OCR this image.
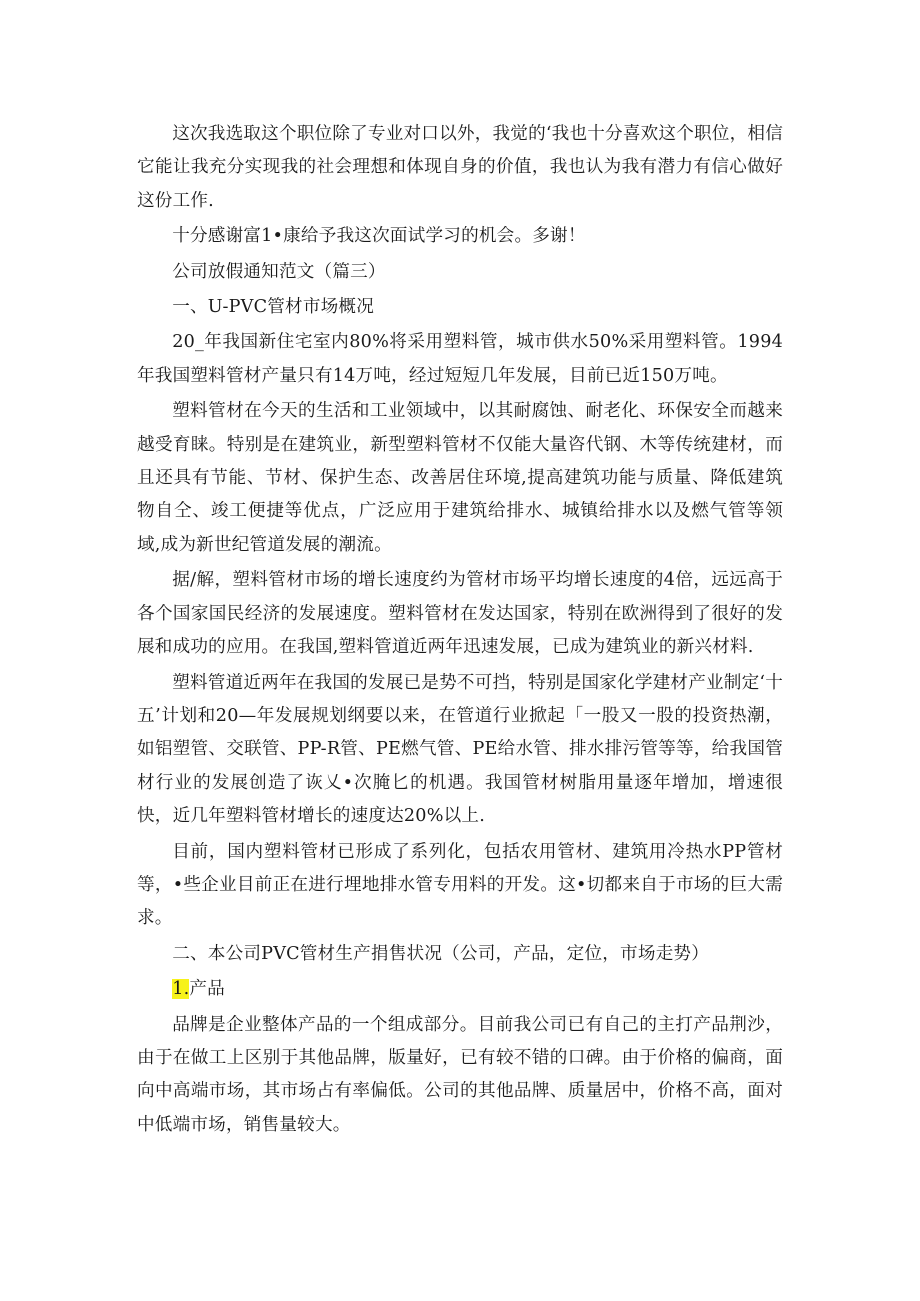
这次我选取这个职位除了专业对口以外，我觉的‘我也十分喜欢这个职位，相信它能让我充分实现我的社会理想和体现自身的价值，我也认为我有潜力有信心做好这份工作.

十分感谢富1•康给予我这次面试学习的机会。多谢！

公司放假通知范文（篇三）

一、U-PVC管材市场概况

20_年我国新住宅室内80%将采用塑料管，城市供水50%采用塑料管。1994年我国塑料管材产量只有14万吨，经过短短几年发展，目前已近150万吨。

塑料管材在今天的生活和工业领域中，以其耐腐蚀、耐老化、环保安全而越来越受育睐。特别是在建筑业，新型塑料管材不仅能大量咨代钢、木等传统建材，而且还具有节能、节材、保护生态、改善居住环境,提高建筑功能与质量、降低建筑物自仝、竣工便捷等优点，广泛应用于建筑给排水、城镇给排水以及燃气管等领域,成为新世纪管道发展的潮流。

据/解，塑料管材市场的增长速度约为管材市场平均增长速度的4倍，远远高于各个国家国民经济的发展速度。塑料管材在发达国家，特别在欧洲得到了很好的发展和成功的应用。在我国,塑料管道近两年迅速发展，已成为建筑业的新兴材料.

塑料管道近两年在我国的发展已是势不可挡，特别是国家化学建材产业制定‘十五’计划和20—年发展规划纲要以来，在管道行业掀起「一股又一股的投资热潮，如铝塑管、交联管、PP-R管、PE燃气管、PE给水管、排水排污管等等，给我国管材行业的发展创造了诙乂•次腌匕的机遇。我国管材树脂用量逐年增加，增速很快，近几年塑料管材增长的速度达20%以上.

目前，国内塑料管材已形成了系列化，包括农用管材、建筑用冷热水PP管材等，•些企业目前正在进行埋地排水管专用料的开发。这•切都来自于市场的巨大需求。

二、本公司PVC管材生产捐售状况（公司，产品，定位，市场走势）

1.产品

品牌是企业整体产品的一个组成部分。目前我公司已有自己的主打产品荆沙，由于在做工上区别于其他品牌，版量好，已有较不错的口碑。由于价格的偏商，面向中高端市场，其市场占有率偏低。公司的其他品牌、质量居中，价格不高，面对中低端市场，销售量较大。
